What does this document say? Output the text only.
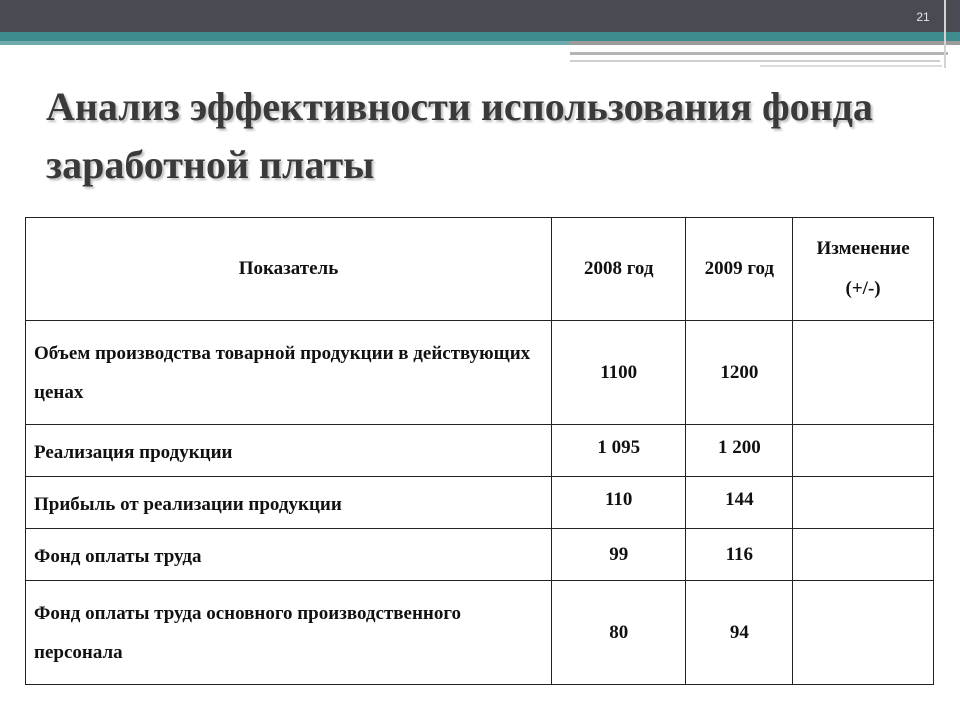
21
Анализ эффективности использования фонда заработной платы
Показатель	2008 год	2009 год	Изменение
(+/-)

Объем производства товарной продукции в действующих ценах	1100	1200	
Реализация продукции	1 095	1 200	
Прибыль от реализации продукции	110	144	
Фонд оплаты труда	99	116	
Фонд оплаты труда основного производственного персонала	80	94	
